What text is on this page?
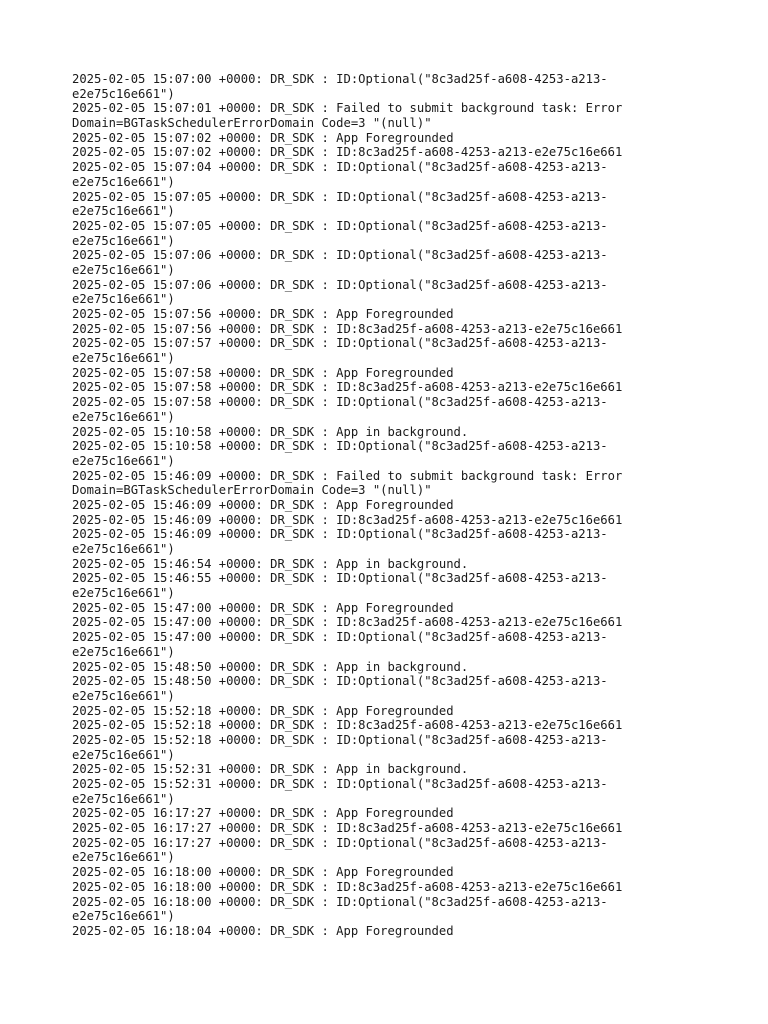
2025-02-05 15:07:00 +0000: DR_SDK : ID:Optional("8c3ad25f-a608-4253-a213-
e2e75c16e661")
2025-02-05 15:07:01 +0000: DR_SDK : Failed to submit background task: Error
Domain=BGTaskSchedulerErrorDomain Code=3 "(null)"
2025-02-05 15:07:02 +0000: DR_SDK : App Foregrounded
2025-02-05 15:07:02 +0000: DR_SDK : ID:8c3ad25f-a608-4253-a213-e2e75c16e661
2025-02-05 15:07:04 +0000: DR_SDK : ID:Optional("8c3ad25f-a608-4253-a213-
e2e75c16e661")
2025-02-05 15:07:05 +0000: DR_SDK : ID:Optional("8c3ad25f-a608-4253-a213-
e2e75c16e661")
2025-02-05 15:07:05 +0000: DR_SDK : ID:Optional("8c3ad25f-a608-4253-a213-
e2e75c16e661")
2025-02-05 15:07:06 +0000: DR_SDK : ID:Optional("8c3ad25f-a608-4253-a213-
e2e75c16e661")
2025-02-05 15:07:06 +0000: DR_SDK : ID:Optional("8c3ad25f-a608-4253-a213-
e2e75c16e661")
2025-02-05 15:07:56 +0000: DR_SDK : App Foregrounded
2025-02-05 15:07:56 +0000: DR_SDK : ID:8c3ad25f-a608-4253-a213-e2e75c16e661
2025-02-05 15:07:57 +0000: DR_SDK : ID:Optional("8c3ad25f-a608-4253-a213-
e2e75c16e661")
2025-02-05 15:07:58 +0000: DR_SDK : App Foregrounded
2025-02-05 15:07:58 +0000: DR_SDK : ID:8c3ad25f-a608-4253-a213-e2e75c16e661
2025-02-05 15:07:58 +0000: DR_SDK : ID:Optional("8c3ad25f-a608-4253-a213-
e2e75c16e661")
2025-02-05 15:10:58 +0000: DR_SDK : App in background.
2025-02-05 15:10:58 +0000: DR_SDK : ID:Optional("8c3ad25f-a608-4253-a213-
e2e75c16e661")
2025-02-05 15:46:09 +0000: DR_SDK : Failed to submit background task: Error
Domain=BGTaskSchedulerErrorDomain Code=3 "(null)"
2025-02-05 15:46:09 +0000: DR_SDK : App Foregrounded
2025-02-05 15:46:09 +0000: DR_SDK : ID:8c3ad25f-a608-4253-a213-e2e75c16e661
2025-02-05 15:46:09 +0000: DR_SDK : ID:Optional("8c3ad25f-a608-4253-a213-
e2e75c16e661")
2025-02-05 15:46:54 +0000: DR_SDK : App in background.
2025-02-05 15:46:55 +0000: DR_SDK : ID:Optional("8c3ad25f-a608-4253-a213-
e2e75c16e661")
2025-02-05 15:47:00 +0000: DR_SDK : App Foregrounded
2025-02-05 15:47:00 +0000: DR_SDK : ID:8c3ad25f-a608-4253-a213-e2e75c16e661
2025-02-05 15:47:00 +0000: DR_SDK : ID:Optional("8c3ad25f-a608-4253-a213-
e2e75c16e661")
2025-02-05 15:48:50 +0000: DR_SDK : App in background.
2025-02-05 15:48:50 +0000: DR_SDK : ID:Optional("8c3ad25f-a608-4253-a213-
e2e75c16e661")
2025-02-05 15:52:18 +0000: DR_SDK : App Foregrounded
2025-02-05 15:52:18 +0000: DR_SDK : ID:8c3ad25f-a608-4253-a213-e2e75c16e661
2025-02-05 15:52:18 +0000: DR_SDK : ID:Optional("8c3ad25f-a608-4253-a213-
e2e75c16e661")
2025-02-05 15:52:31 +0000: DR_SDK : App in background.
2025-02-05 15:52:31 +0000: DR_SDK : ID:Optional("8c3ad25f-a608-4253-a213-
e2e75c16e661")
2025-02-05 16:17:27 +0000: DR_SDK : App Foregrounded
2025-02-05 16:17:27 +0000: DR_SDK : ID:8c3ad25f-a608-4253-a213-e2e75c16e661
2025-02-05 16:17:27 +0000: DR_SDK : ID:Optional("8c3ad25f-a608-4253-a213-
e2e75c16e661")
2025-02-05 16:18:00 +0000: DR_SDK : App Foregrounded
2025-02-05 16:18:00 +0000: DR_SDK : ID:8c3ad25f-a608-4253-a213-e2e75c16e661
2025-02-05 16:18:00 +0000: DR_SDK : ID:Optional("8c3ad25f-a608-4253-a213-
e2e75c16e661")
2025-02-05 16:18:04 +0000: DR_SDK : App Foregrounded
